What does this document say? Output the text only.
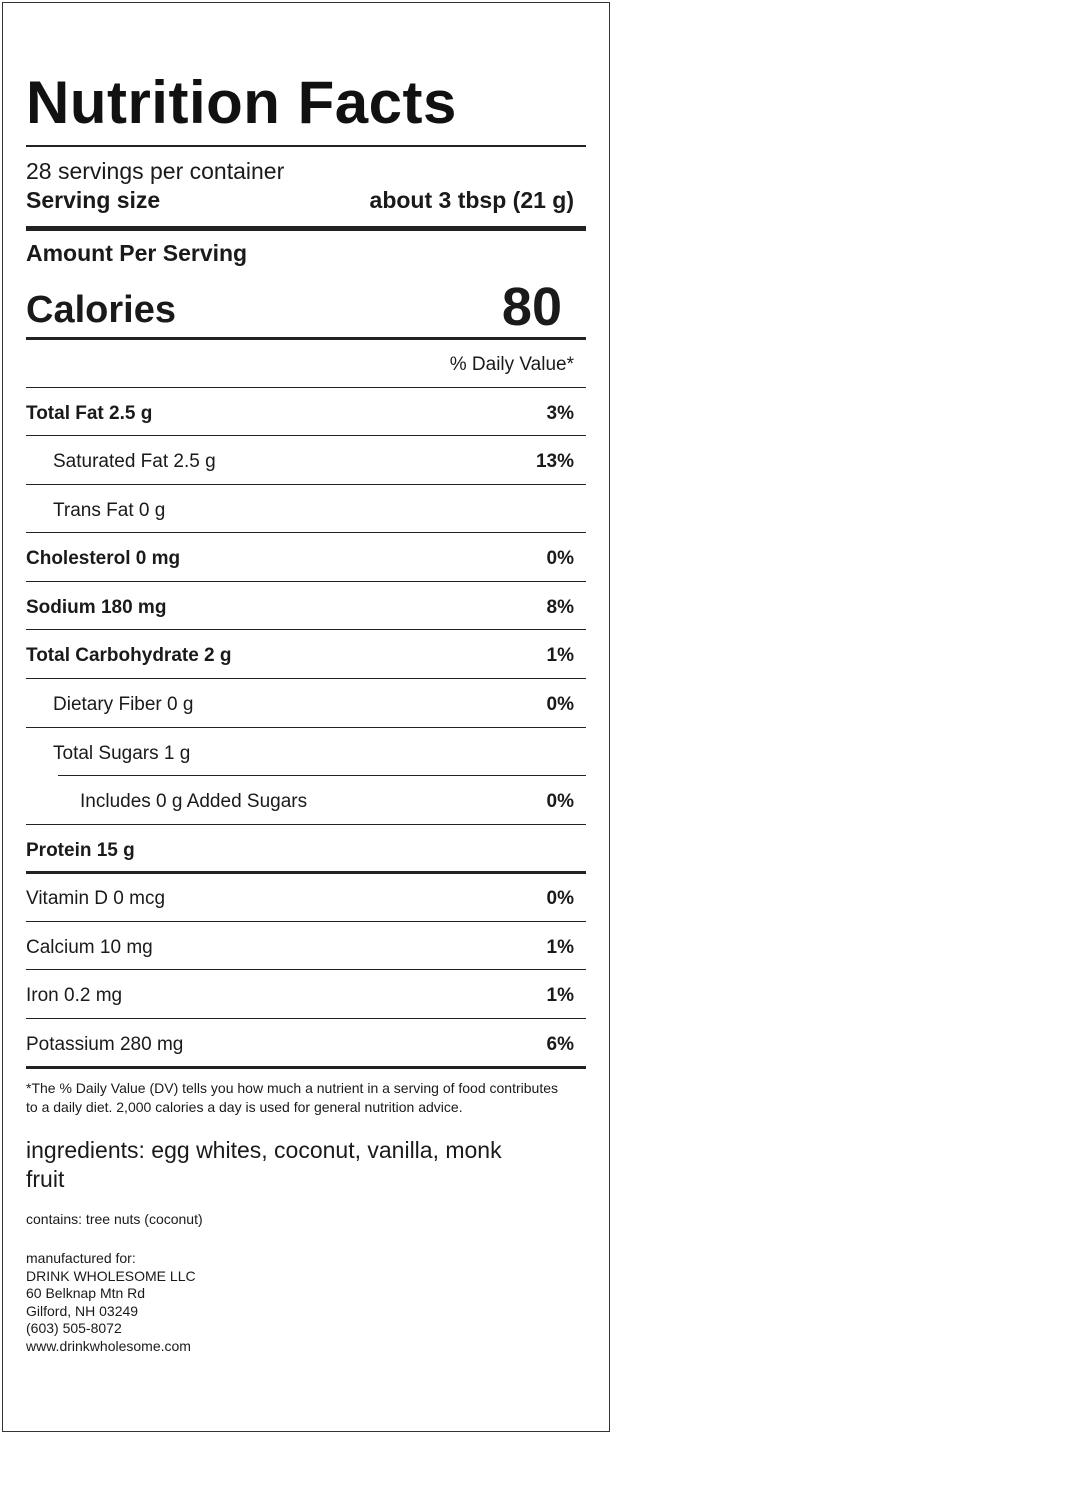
Nutrition Facts
28 servings per container
Serving size	about 3 tbsp (21 g)
Amount Per Serving
Calories	80
% Daily Value*
Total Fat 2.5 g	3%
Saturated Fat 2.5 g	13%
Trans Fat 0 g
Cholesterol 0 mg	0%
Sodium 180 mg	8%
Total Carbohydrate 2 g	1%
Dietary Fiber 0 g	0%
Total Sugars 1 g
Includes 0 g Added Sugars	0%
Protein 15 g
Vitamin D 0 mcg	0%
Calcium 10 mg	1%
Iron 0.2 mg	1%
Potassium 280 mg	6%
*The % Daily Value (DV) tells you how much a nutrient in a serving of food contributes to a daily diet. 2,000 calories a day is used for general nutrition advice.
ingredients: egg whites, coconut, vanilla, monk fruit
contains: tree nuts (coconut)
manufactured for:
DRINK WHOLESOME LLC
60 Belknap Mtn Rd
Gilford, NH 03249
(603) 505-8072
www.drinkwholesome.com
